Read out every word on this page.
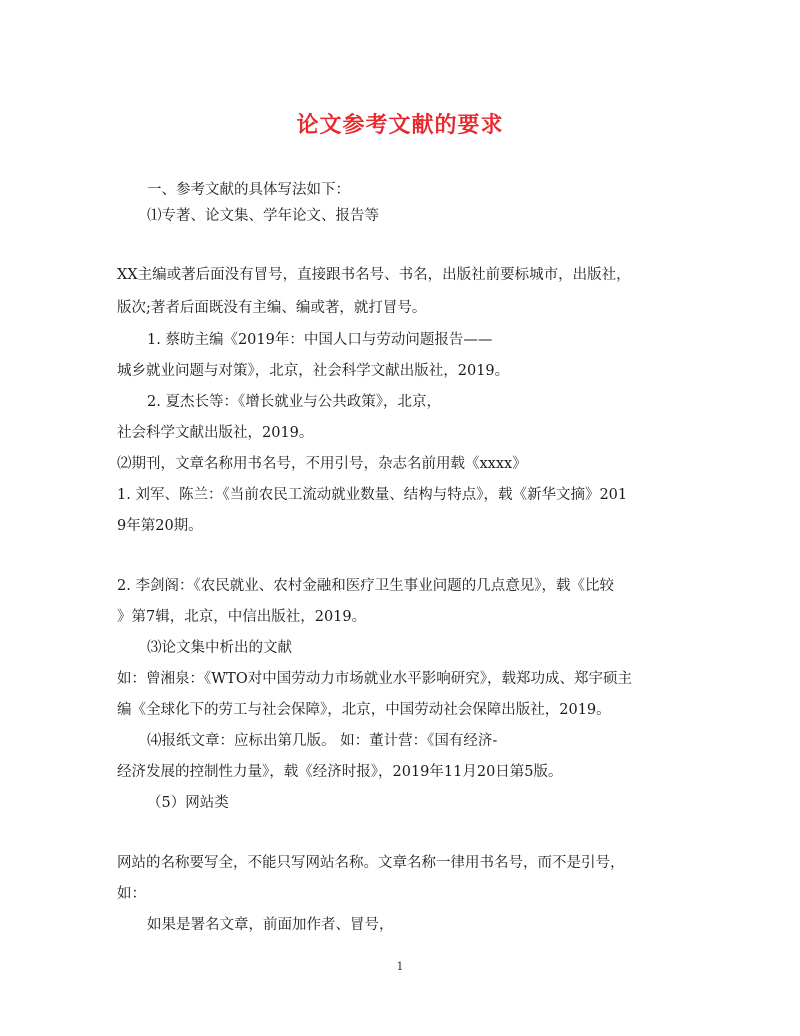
论文参考文献的要求
一、参考文献的具体写法如下：
⑴专著、论文集、学年论文、报告等
XX主编或著后面没有冒号，直接跟书名号、书名，出版社前要标城市，出版社，
版次;著者后面既没有主编、编或著，就打冒号。
1. 蔡昉主编《2019年：中国人口与劳动问题报告——
城乡就业问题与对策》，北京，社会科学文献出版社，2019。
2. 夏杰长等：《增长就业与公共政策》，北京，
社会科学文献出版社，2019。
⑵期刊，文章名称用书名号，不用引号，杂志名前用载《xxxx》
1. 刘军、陈兰：《当前农民工流动就业数量、结构与特点》，载《新华文摘》201
9年第20期。
2. 李剑阁：《农民就业、农村金融和医疗卫生事业问题的几点意见》，载《比较
》第7辑，北京，中信出版社，2019。
⑶论文集中析出的文献
如：曾湘泉：《WTO对中国劳动力市场就业水平影响研究》，载郑功成、郑宇硕主
编《全球化下的劳工与社会保障》，北京，中国劳动社会保障出版社，2019。
⑷报纸文章：应标出第几版。 如：董计营：《国有经济-
经济发展的控制性力量》，载《经济时报》，2019年11月20日第5版。
（5）网站类
网站的名称要写全，不能只写网站名称。文章名称一律用书名号，而不是引号，
如：
如果是署名文章，前面加作者、冒号，
1
